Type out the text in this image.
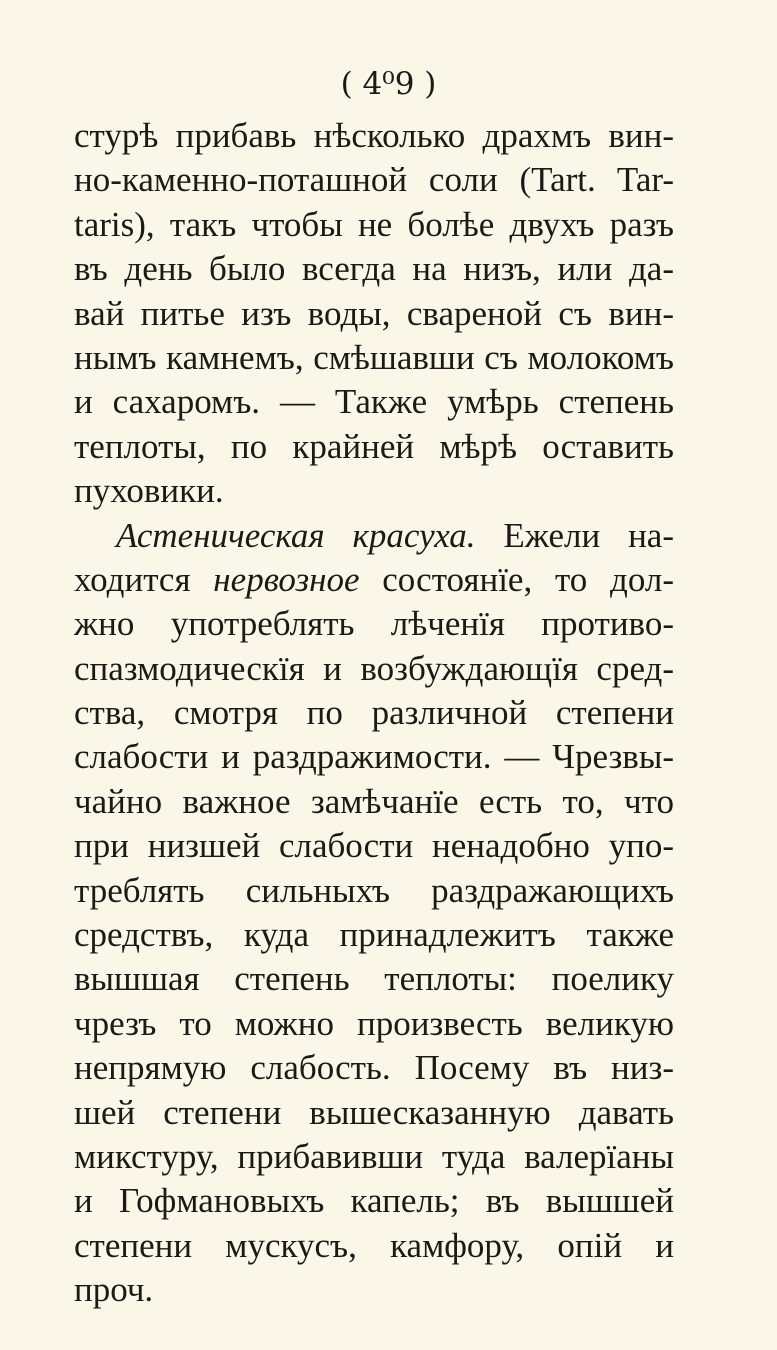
( 4⁰9 )
стурѣ прибавь нѣсколько драхмъ вин-
но-каменно-поташной соли (Tart. Tar-
taris), такъ чтобы не болѣе двухъ разъ
въ день было всегда на низъ, или да-
вай питье изъ воды, свареной съ вин-
нымъ камнемъ, смѣшавши съ молокомъ
и сахаромъ. — Также умѣрь степень
теплоты, по крайней мѣрѣ оставить
пуховики.
Астеническая красуха. Ежели на-
ходится нервозное состоянїе, то дол-
жно употреблять лѣченїя противо-
спазмодическїя и возбуждающїя сред-
ства, смотря по различной степени
слабости и раздражимости. — Чрезвы-
чайно важное замѣчанїе есть то, что
при низшей слабости ненадобно упо-
треблять сильныхъ раздражающихъ
средствъ, куда принадлежитъ также
вышшая степень теплоты: поелику
чрезъ то можно произвесть великую
непрямую слабость. Посему въ низ-
шей степени вышесказанную давать
микстуру, прибавивши туда валерїаны
и Гофмановыхъ капель; въ вышшей
степени мускусъ, камфору, опій и
проч.
